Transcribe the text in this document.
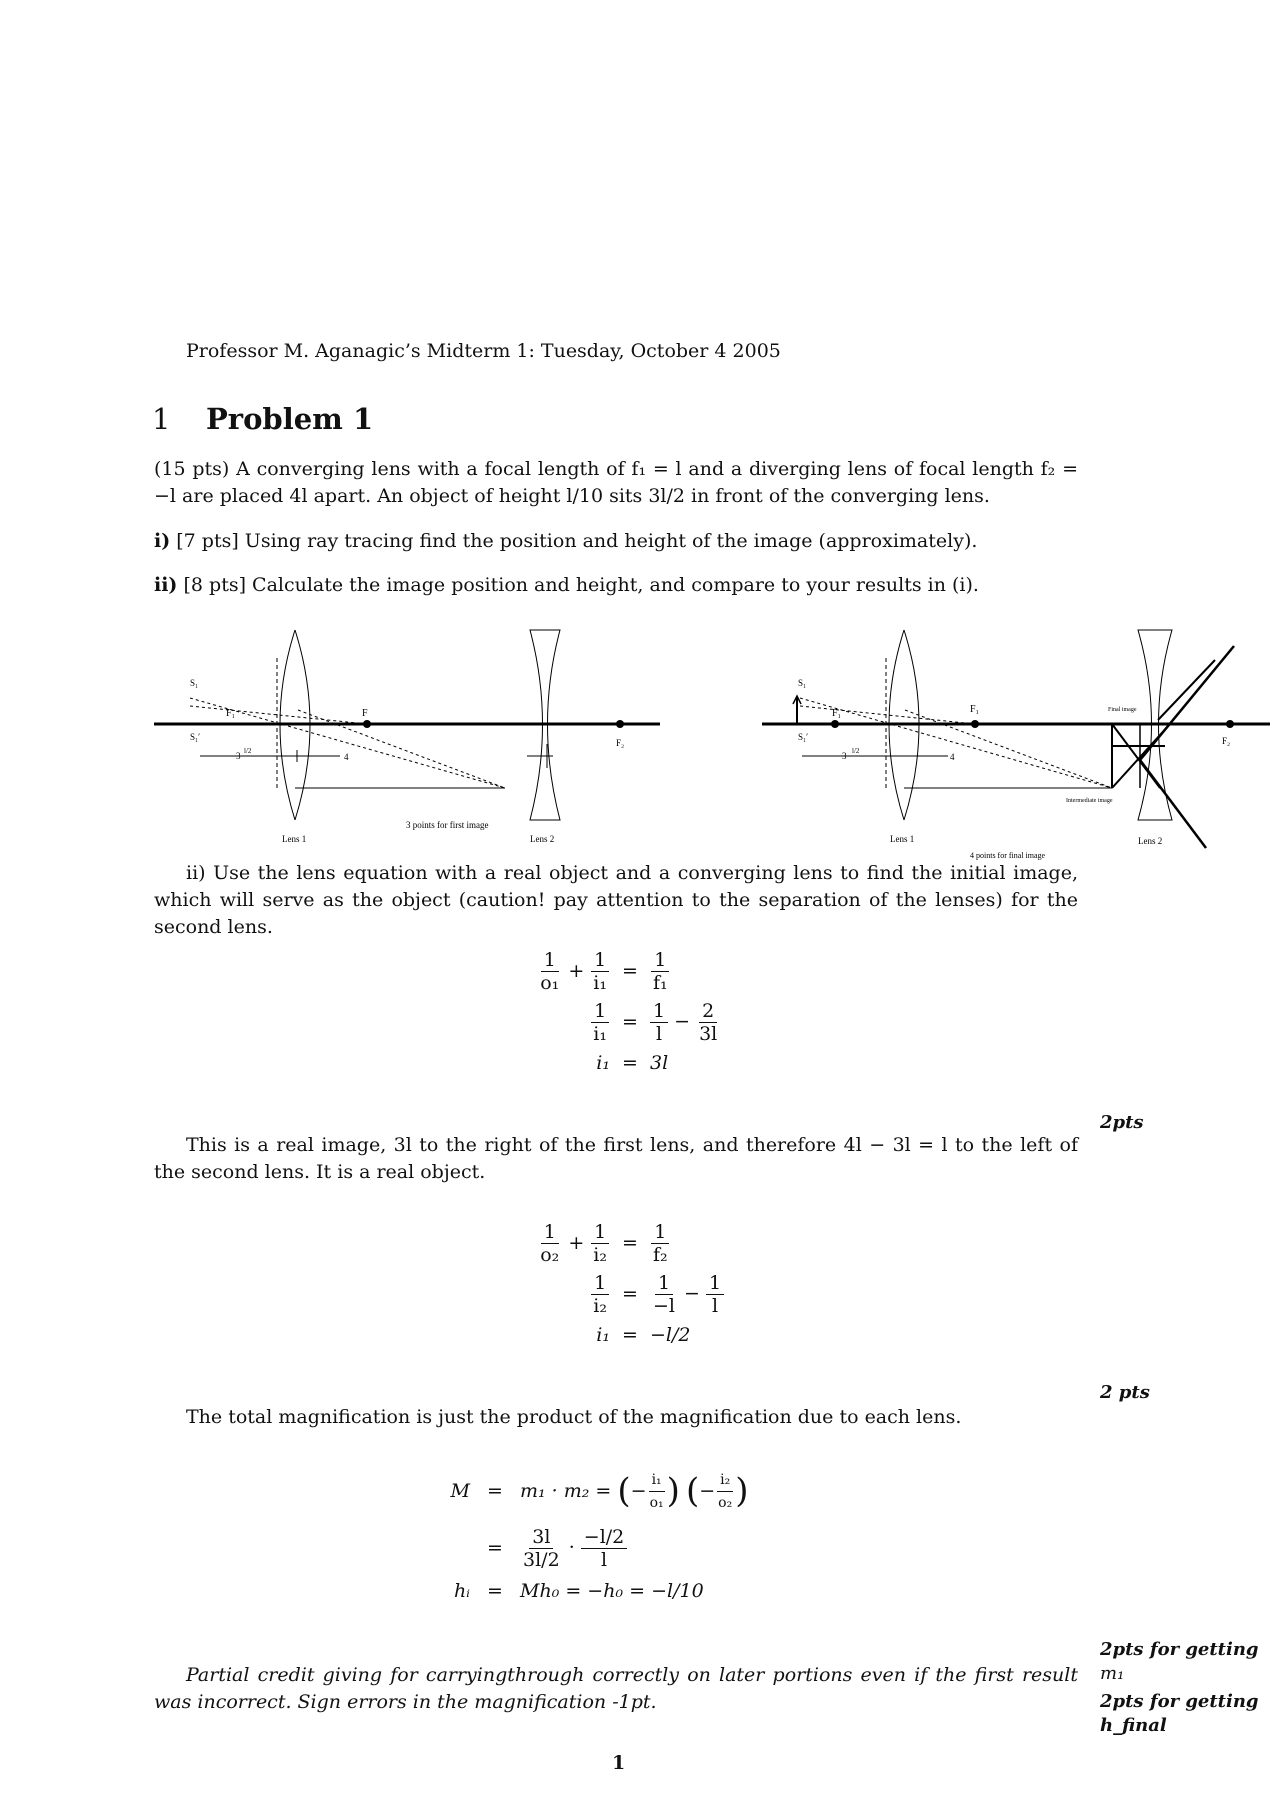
Professor M. Aganagic’s Midterm 1: Tuesday, October 4 2005
1 Problem 1
(15 pts) A converging lens with a focal length of f₁ = l and a diverging lens of focal length f₂ = −l are placed 4l apart. An object of height l/10 sits 3l/2 in front of the converging lens.
i) [7 pts] Using ray tracing find the position and height of the image (approximately).
ii) [8 pts] Calculate the image position and height, and compare to your results in (i).
S₁
S₁′
F₁	F
F₂
3 l/2
4
Lens 1	Lens 2
3 points for first image
S₁
S₁′
F₁	F₁
F₂
3 l/2
4
Lens 1	Lens 2
Final image
Intermediate image
4 points for final image
ii) Use the lens equation with a real object and a converging lens to find the initial image, which will serve as the object (caution! pay attention to the separation of the lenses) for the second lens.
$\frac{1}{\text{o₁}} + \frac{1}{\text{i₁}} = \frac{1}{\text{f₁}}$
$\frac{1}{\text{i₁}} = \frac{1}{l} - \frac{2}{3l}$
i₁ = 3l
2pts
This is a real image, 3l to the right of the first lens, and therefore 4l − 3l = l to the left of the second lens. It is a real object.
$\frac{1}{\text{o₂}} + \frac{1}{\text{i₂}} = \frac{1}{\text{f₂}}$
$\frac{1}{\text{i₂}} = \frac{1}{-l} - \frac{1}{l}$
i₁ = −l/2
2 pts
The total magnification is just the product of the magnification due to each lens.
M = m₁ · m₂ =
( − $\frac{\text{i₁}}{\text{o₁}}$ )
( − $\frac{\text{i₂}}{\text{o₂}}$ )
= $\frac{3l}{3l/2} \cdot \frac{-l/2}{l}$
hᵢ = Mh₀ = −h₀ = −l/10
2pts for getting
m₁
2pts for getting
h_final
Partial credit giving for carryingthrough correctly on later portions even if the first result was incorrect. Sign errors in the magnification -1pt.
1
